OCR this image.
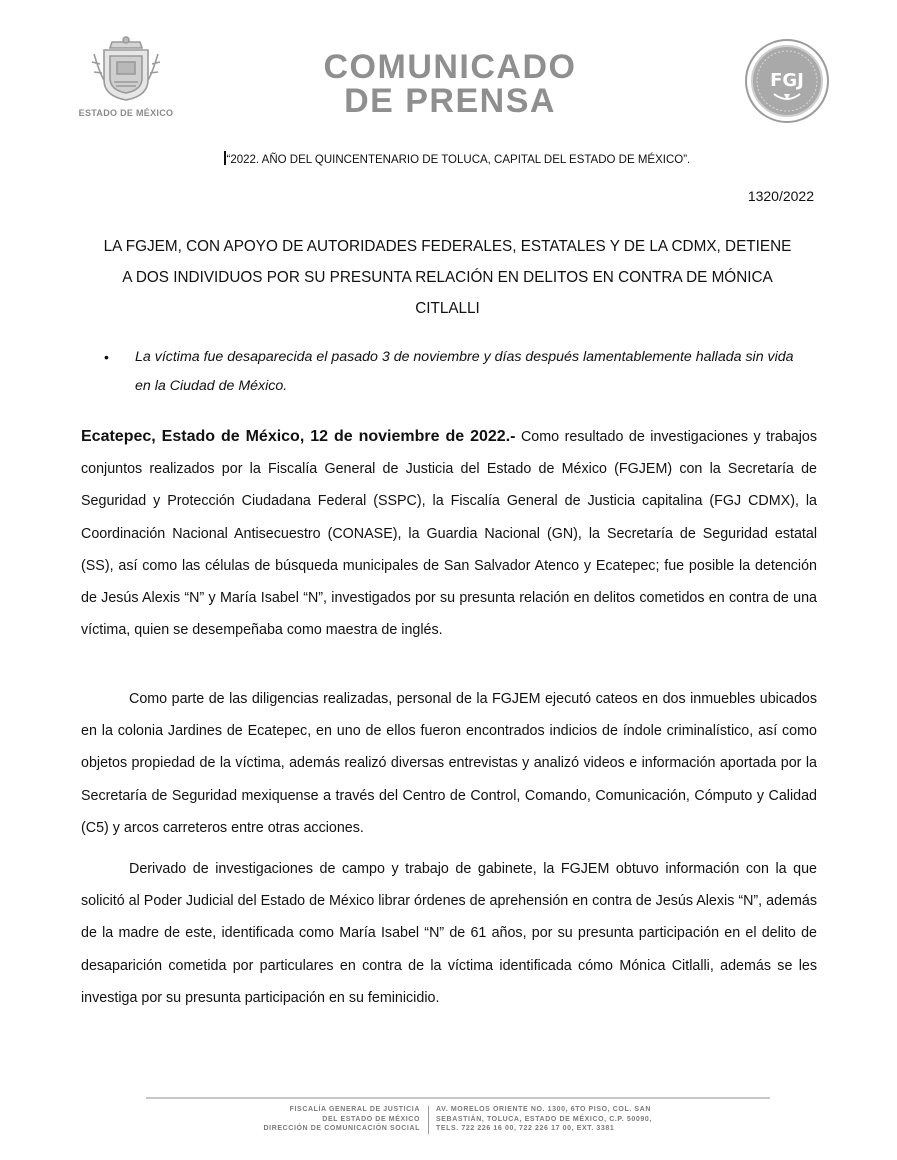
ESTADO DE MÉXICO
COMUNICADO
DE PRENSA
FGJ
“2022. AÑO DEL QUINCENTENARIO DE TOLUCA, CAPITAL DEL ESTADO DE MÉXICO”.
1320/2022
LA FGJEM, CON APOYO DE AUTORIDADES FEDERALES, ESTATALES Y DE LA CDMX, DETIENE
A DOS INDIVIDUOS POR SU PRESUNTA RELACIÓN EN DELITOS EN CONTRA DE MÓNICA
CITLALLI
• La víctima fue desaparecida el pasado 3 de noviembre y días después lamentablemente hallada sin vida en la Ciudad de México.

Ecatepec, Estado de México, 12 de noviembre de 2022.- Como resultado de investigaciones y trabajos conjuntos realizados por la Fiscalía General de Justicia del Estado de México (FGJEM) con la Secretaría de Seguridad y Protección Ciudadana Federal (SSPC), la Fiscalía General de Justicia capitalina (FGJ CDMX), la Coordinación Nacional Antisecuestro (CONASE), la Guardia Nacional (GN), la Secretaría de Seguridad estatal (SS), así como las células de búsqueda municipales de San Salvador Atenco y Ecatepec; fue posible la detención de Jesús Alexis “N” y María Isabel “N”, investigados por su presunta relación en delitos cometidos en contra de una víctima, quien se desempeñaba como maestra de inglés.

Como parte de las diligencias realizadas, personal de la FGJEM ejecutó cateos en dos inmuebles ubicados en la colonia Jardines de Ecatepec, en uno de ellos fueron encontrados indicios de índole criminalístico, así como objetos propiedad de la víctima, además realizó diversas entrevistas y analizó videos e información aportada por la Secretaría de Seguridad mexiquense a través del Centro de Control, Comando, Comunicación, Cómputo y Calidad (C5) y arcos carreteros entre otras acciones.

Derivado de investigaciones de campo y trabajo de gabinete, la FGJEM obtuvo información con la que solicitó al Poder Judicial del Estado de México librar órdenes de aprehensión en contra de Jesús Alexis “N”, además de la madre de este, identificada como María Isabel “N” de 61 años, por su presunta participación en el delito de desaparición cometida por particulares en contra de la víctima identificada cómo Mónica Citlalli, además se les investiga por su presunta participación en su feminicidio.

FISCALÍA GENERAL DE JUSTICIA
DEL ESTADO DE MÉXICO
DIRECCIÓN DE COMUNICACIÓN SOCIAL
AV. MORELOS ORIENTE NO. 1300, 6TO PISO, COL. SAN
SEBASTIÁN, TOLUCA, ESTADO DE MÉXICO, C.P. 50090,
TELS. 722 226 16 00, 722 226 17 00, EXT. 3381
